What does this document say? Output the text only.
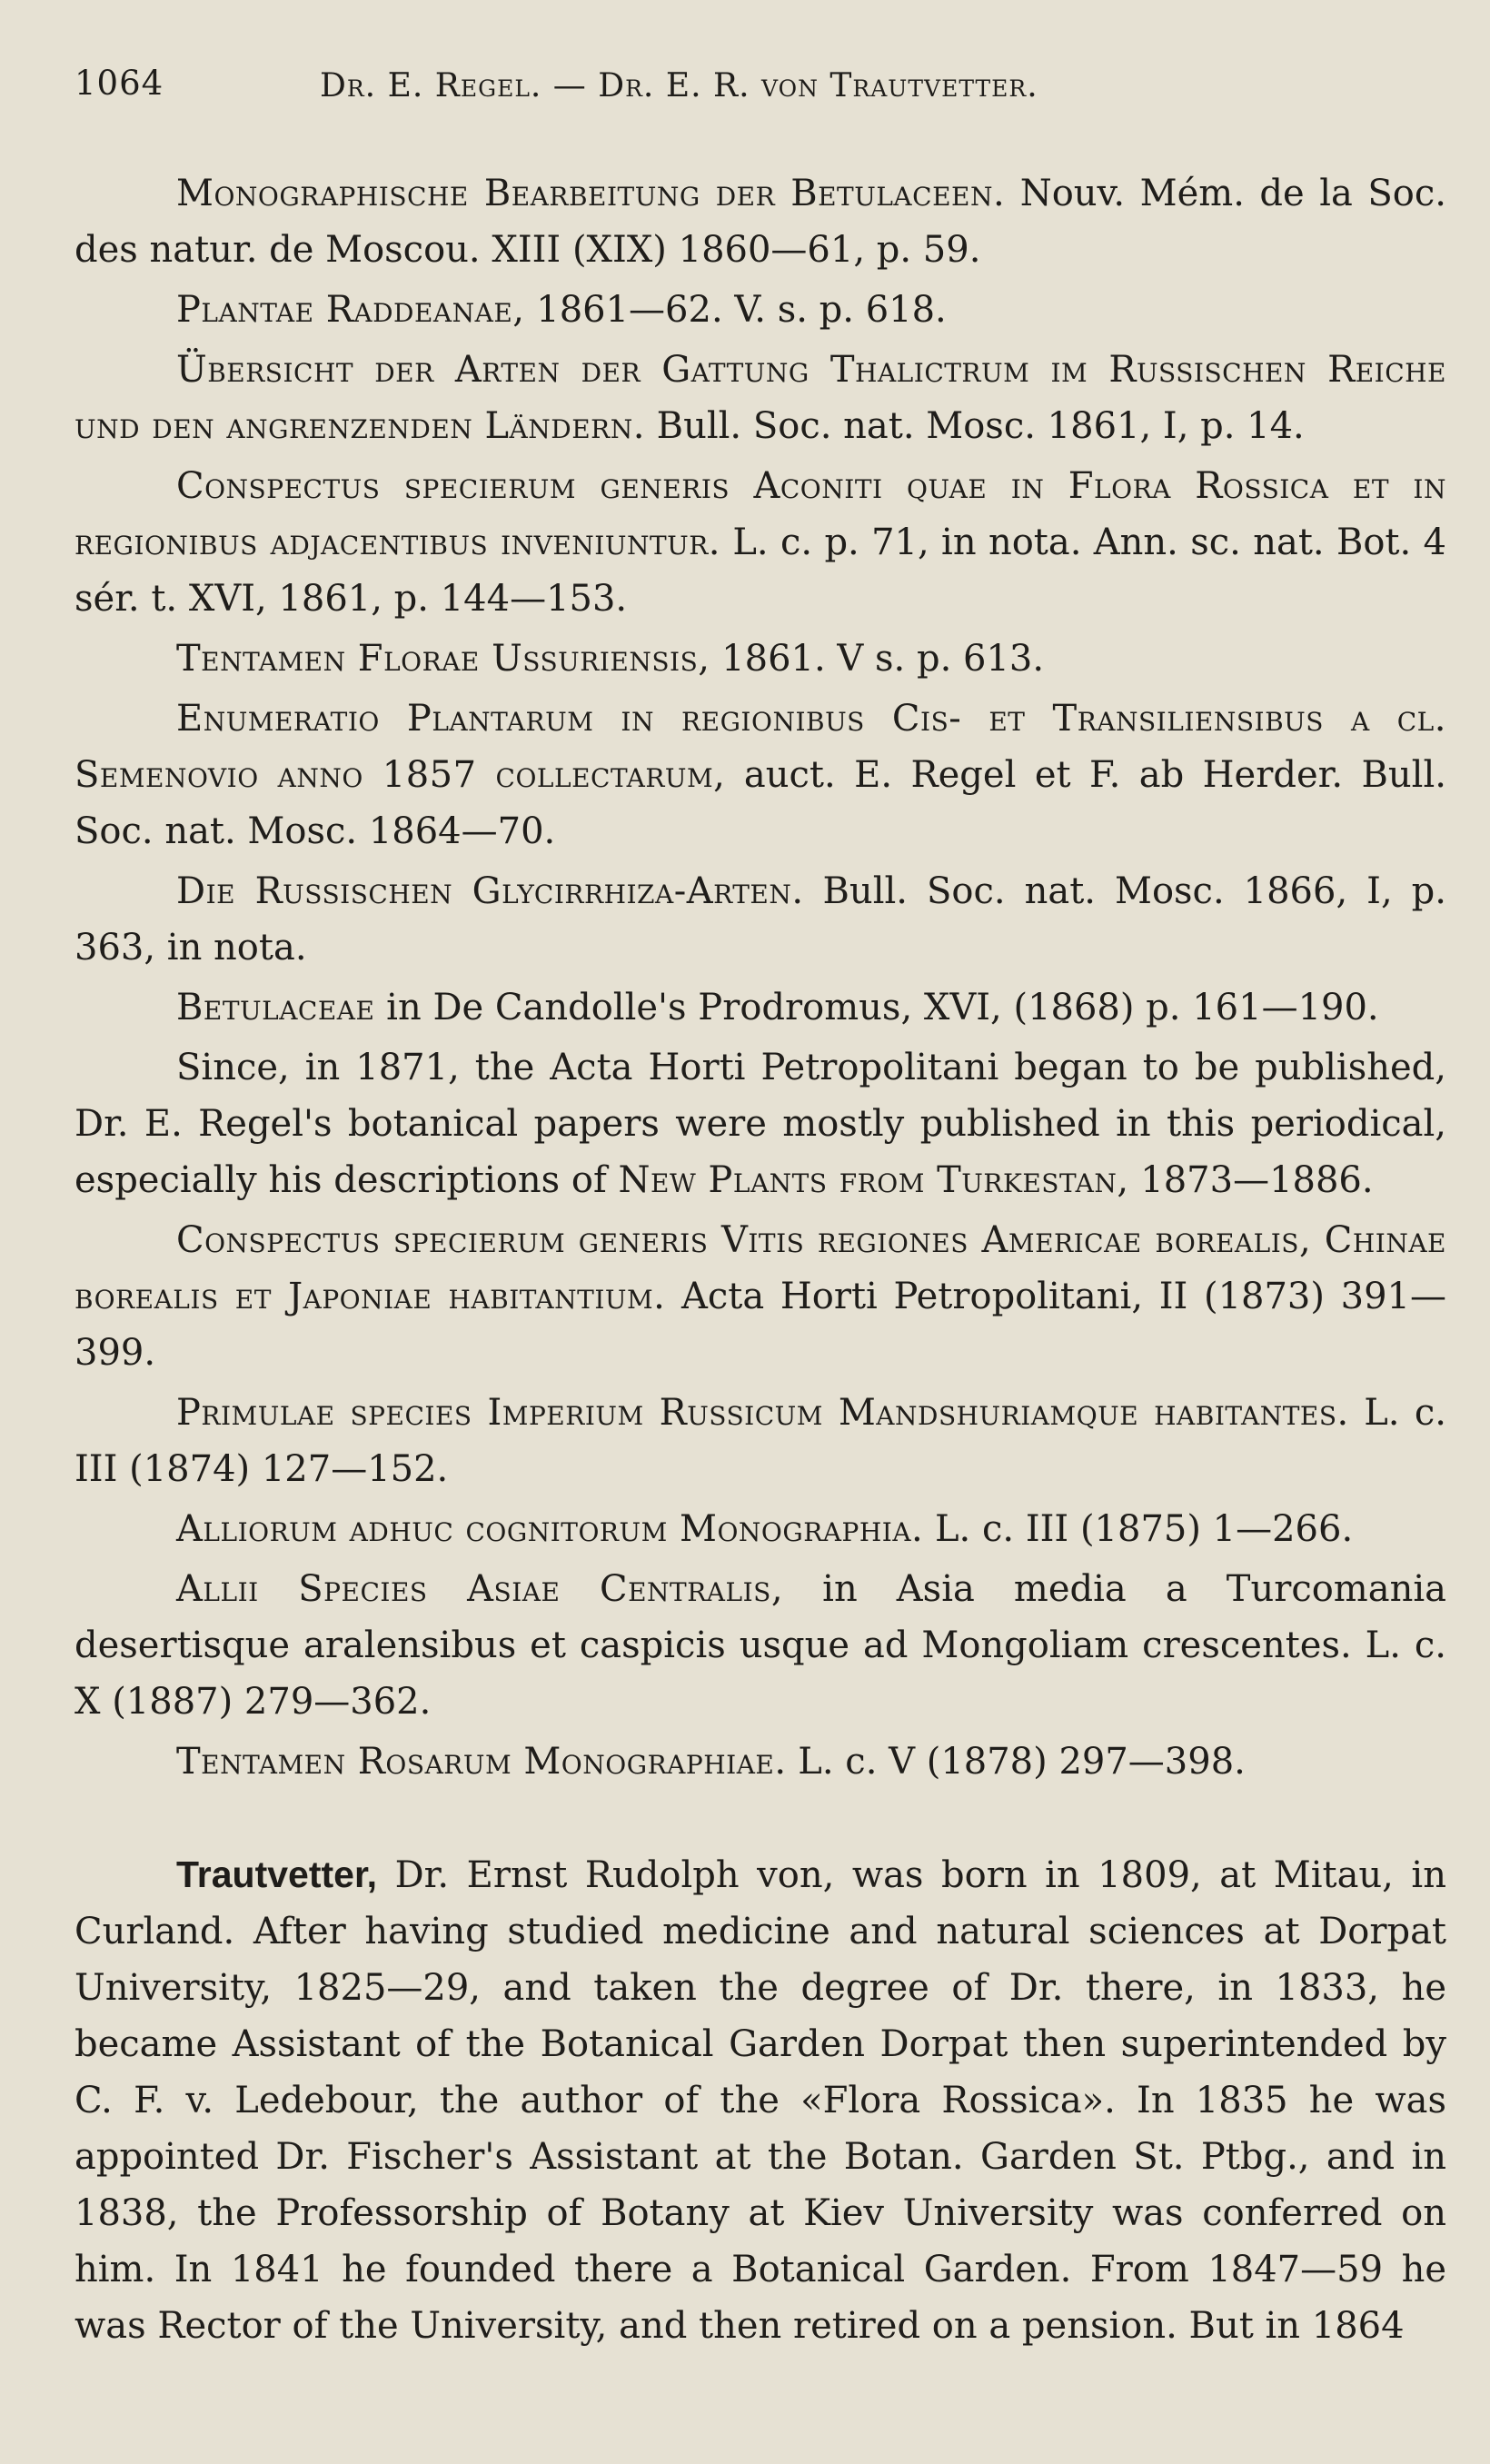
1064	Dr. E. Regel. — Dr. E. R. von Trautvetter.

Monographische Bearbeitung der Betulaceen. Nouv. Mém. de la Soc. des natur. de Moscou. XIII (XIX) 1860—61, p. 59.

Plantae Raddeanae, 1861—62. V. s. p. 618.

Übersicht der Arten der Gattung Thalictrum im Russischen Reiche und den angrenzenden Ländern. Bull. Soc. nat. Mosc. 1861, I, p. 14.

Conspectus specierum generis Aconiti quae in Flora Rossica et in regionibus adjacentibus inveniuntur. L. c. p. 71, in nota. Ann. sc. nat. Bot. 4 sér. t. XVI, 1861, p. 144—153.

Tentamen Florae Ussuriensis, 1861. V s. p. 613.

Enumeratio Plantarum in regionibus Cis- et Transiliensibus a cl. Semenovio anno 1857 collectarum, auct. E. Regel et F. ab Herder. Bull. Soc. nat. Mosc. 1864—70.

Die Russischen Glycirrhiza-Arten. Bull. Soc. nat. Mosc. 1866, I, p. 363, in nota.

Betulaceae in De Candolle's Prodromus, XVI, (1868) p. 161—190.

Since, in 1871, the Acta Horti Petropolitani began to be published, Dr. E. Regel's botanical papers were mostly published in this periodical, especially his descriptions of New Plants from Turkestan, 1873—1886.

Conspectus specierum generis Vitis regiones Americae borealis, Chinae borealis et Japoniae habitantium. Acta Horti Petropolitani, II (1873) 391—399.

Primulae species Imperium Russicum Mandshuriamque habitantes. L. c. III (1874) 127—152.

Alliorum adhuc cognitorum Monographia. L. c. III (1875) 1—266.

Allii Species Asiae Centralis, in Asia media a Turcomania desertisque aralensibus et caspicis usque ad Mongoliam crescentes. L. c. X (1887) 279—362.

Tentamen Rosarum Monographiae. L. c. V (1878) 297—398.

Trautvetter, Dr. Ernst Rudolph von, was born in 1809, at Mitau, in Curland. After having studied medicine and natural sciences at Dorpat University, 1825—29, and taken the degree of Dr. there, in 1833, he became Assistant of the Botanical Garden Dorpat then superintended by C. F. v. Ledebour, the author of the «Flora Rossica». In 1835 he was appointed Dr. Fischer's Assistant at the Botan. Garden St. Ptbg., and in 1838, the Professorship of Botany at Kiev University was conferred on him. In 1841 he founded there a Botanical Garden. From 1847—59 he was Rector of the University, and then retired on a pension. But in 1864
